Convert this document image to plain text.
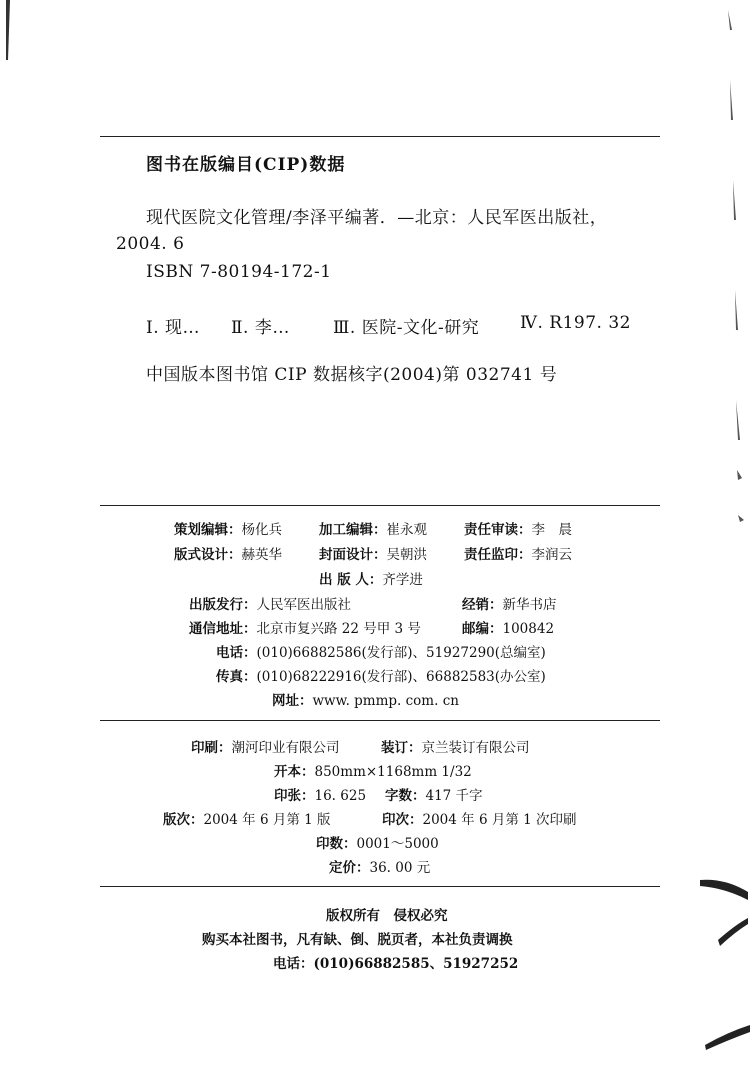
图书在版编目(CIP)数据
现代医院文化管理/李泽平编著．—北京：人民军医出版社，
2004. 6
ISBN 7-80194-172-1
Ⅰ. 现… Ⅱ. 李…	Ⅲ. 医院-文化-研究 Ⅳ. R197. 32
中国版本图书馆 CIP 数据核字(2004)第 032741 号
策划编辑：杨化兵	加工编辑：崔永观	责任审读：李　晨
版式设计：赫英华	封面设计：吴朝洪	责任监印：李润云
出 版 人：齐学进
出版发行：人民军医出版社	经销：新华书店
通信地址：北京市复兴路 22 号甲 3 号	邮编：100842
电话：(010)66882586(发行部)、51927290(总编室)
传真：(010)68222916(发行部)、66882583(办公室)
网址：www. pmmp. com. cn
印刷：潮河印业有限公司	装订：京兰装订有限公司
开本：850mm×1168mm 1/32
印张：16. 625 字数：417 千字
版次：2004 年 6 月第 1 版	印次：2004 年 6 月第 1 次印刷
印数：0001～5000
定价：36. 00 元
版权所有　侵权必究
购买本社图书，凡有缺、倒、脱页者，本社负责调换
电话：(010)66882585、51927252
